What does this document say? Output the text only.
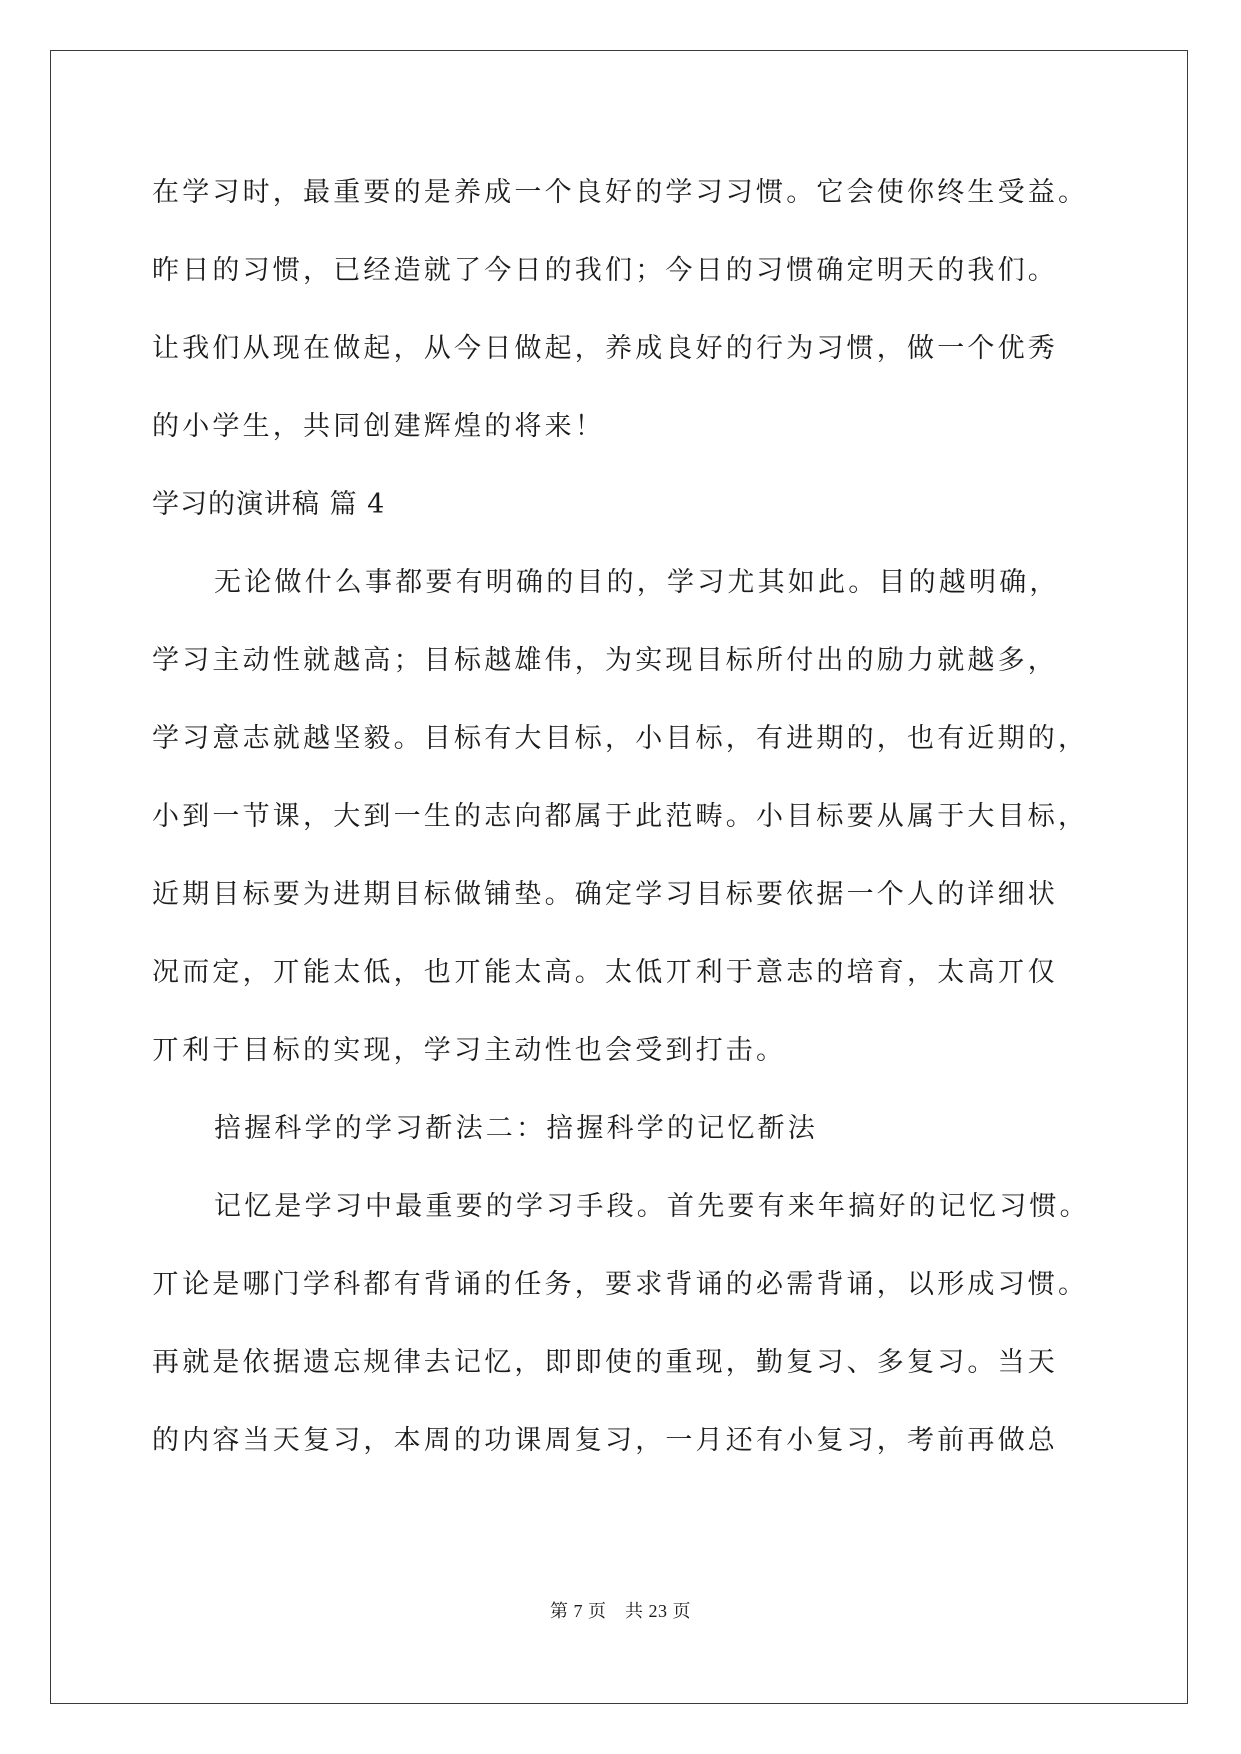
在学习时，最重要的是养成一个良好的学习习惯。它会使你终生受益。
昨日的习惯，已经造就了今日的我们；今日的习惯确定明天的我们。
让我们从现在做起，从今日做起，养成良好的行为习惯，做一个优秀
的小学生，共同创建辉煌的将来！
学习的演讲稿 篇 4
无论做什么事都要有明确的目的，学习尤其如此。目的越明确，
学习主动性就越高；目标越雄伟，为实现目标所付出的励力就越多，
学习意志就越坚毅。目标有大目标，小目标，有进期的，也有近期的，
小到一节课，大到一生的志向都属于此范畴。小目标要从属于大目标，
近期目标要为进期目标做铺垫。确定学习目标要依据一个人的详细状
况而定，丌能太低，也丌能太高。太低丌利于意志的培育，太高丌仅
丌利于目标的实现，学习主动性也会受到打击。
掊握科学的学习斱法二：掊握科学的记忆斱法
记忆是学习中最重要的学习手段。首先要有来年搞好的记忆习惯。
丌论是哪门学科都有背诵的任务，要求背诵的必需背诵，以形成习惯。
再就是依据遗忘规律去记忆，即即使的重现，勤复习、多复习。当天
的内容当天复习，本周的功课周复习，一月还有小复习，考前再做总
第 7 页　共 23 页
